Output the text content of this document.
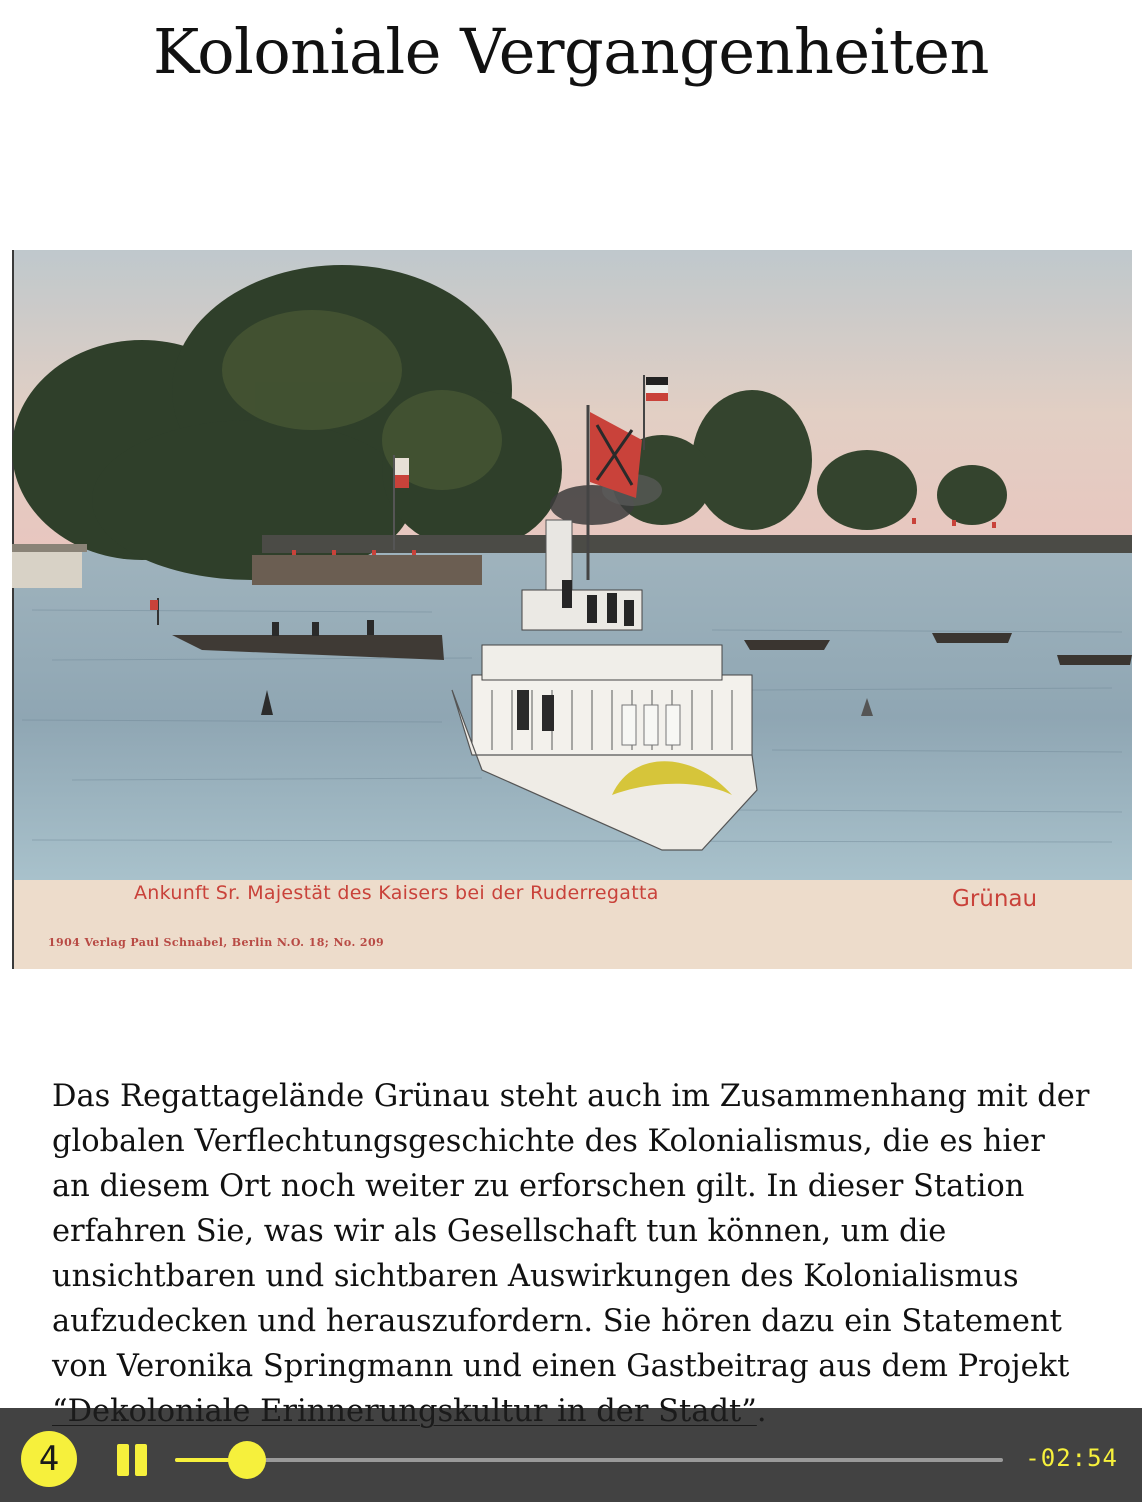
Koloniale Vergangenheiten
Ankunft Sr. Majestät des Kaisers bei der Ruderregatta	Grünau
1904 Verlag Paul Schnabel, Berlin N.O. 18; No. 209

Das Regattagelände Grünau steht auch im Zusammenhang mit der globalen Verflechtungsgeschichte des Kolonialismus, die es hier an diesem Ort noch weiter zu erforschen gilt. In dieser Station erfahren Sie, was wir als Gesellschaft tun können, um die unsichtbaren und sichtbaren Auswirkungen des Kolonialismus aufzudecken und herauszufordern. Sie hören dazu ein Statement von Veronika Springmann und einen Gastbeitrag aus dem Projekt

4	-02:54
